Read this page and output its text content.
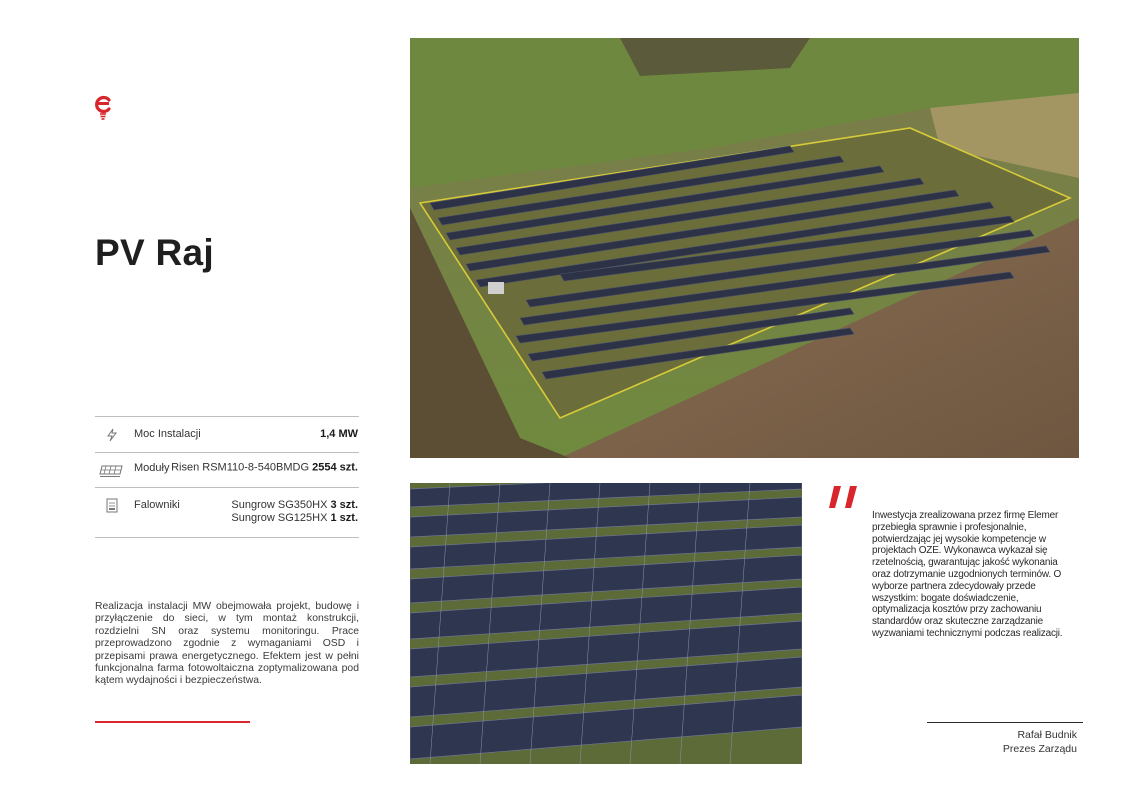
PV Raj
Moc Instalacji	1,4 MW
Moduły Risen RSM110-8-540BMDG 2554 szt.
Falowniki	Sungrow SG350HX 3 szt.
Sungrow SG125HX 1 szt.

Realizacja instalacji MW obejmowała projekt, budowę i przyłączenie do sieci, w tym montaż konstrukcji, rozdzielni SN oraz systemu monitoringu. Prace przeprowadzono zgodnie z wymaganiami OSD i przepisami prawa energetycznego. Efektem jest w pełni funkcjonalna farma fotowoltaiczna zoptymalizowana pod kątem wydajności i bezpieczeństwa.

Inwestycja zrealizowana przez firmę Elemer przebiegła sprawnie i profesjonalnie, potwierdzając jej wysokie kompetencje w projektach OZE. Wykonawca wykazał się rzetelnością, gwarantując jakość wykonania oraz dotrzymanie uzgodnionych terminów. O wyborze partnera zdecydowały przede wszystkim: bogate doświadczenie, optymalizacja kosztów przy zachowaniu standardów oraz skuteczne zarządzanie wyzwaniami technicznymi podczas realizacji.

Rafał Budnik
Prezes Zarządu
